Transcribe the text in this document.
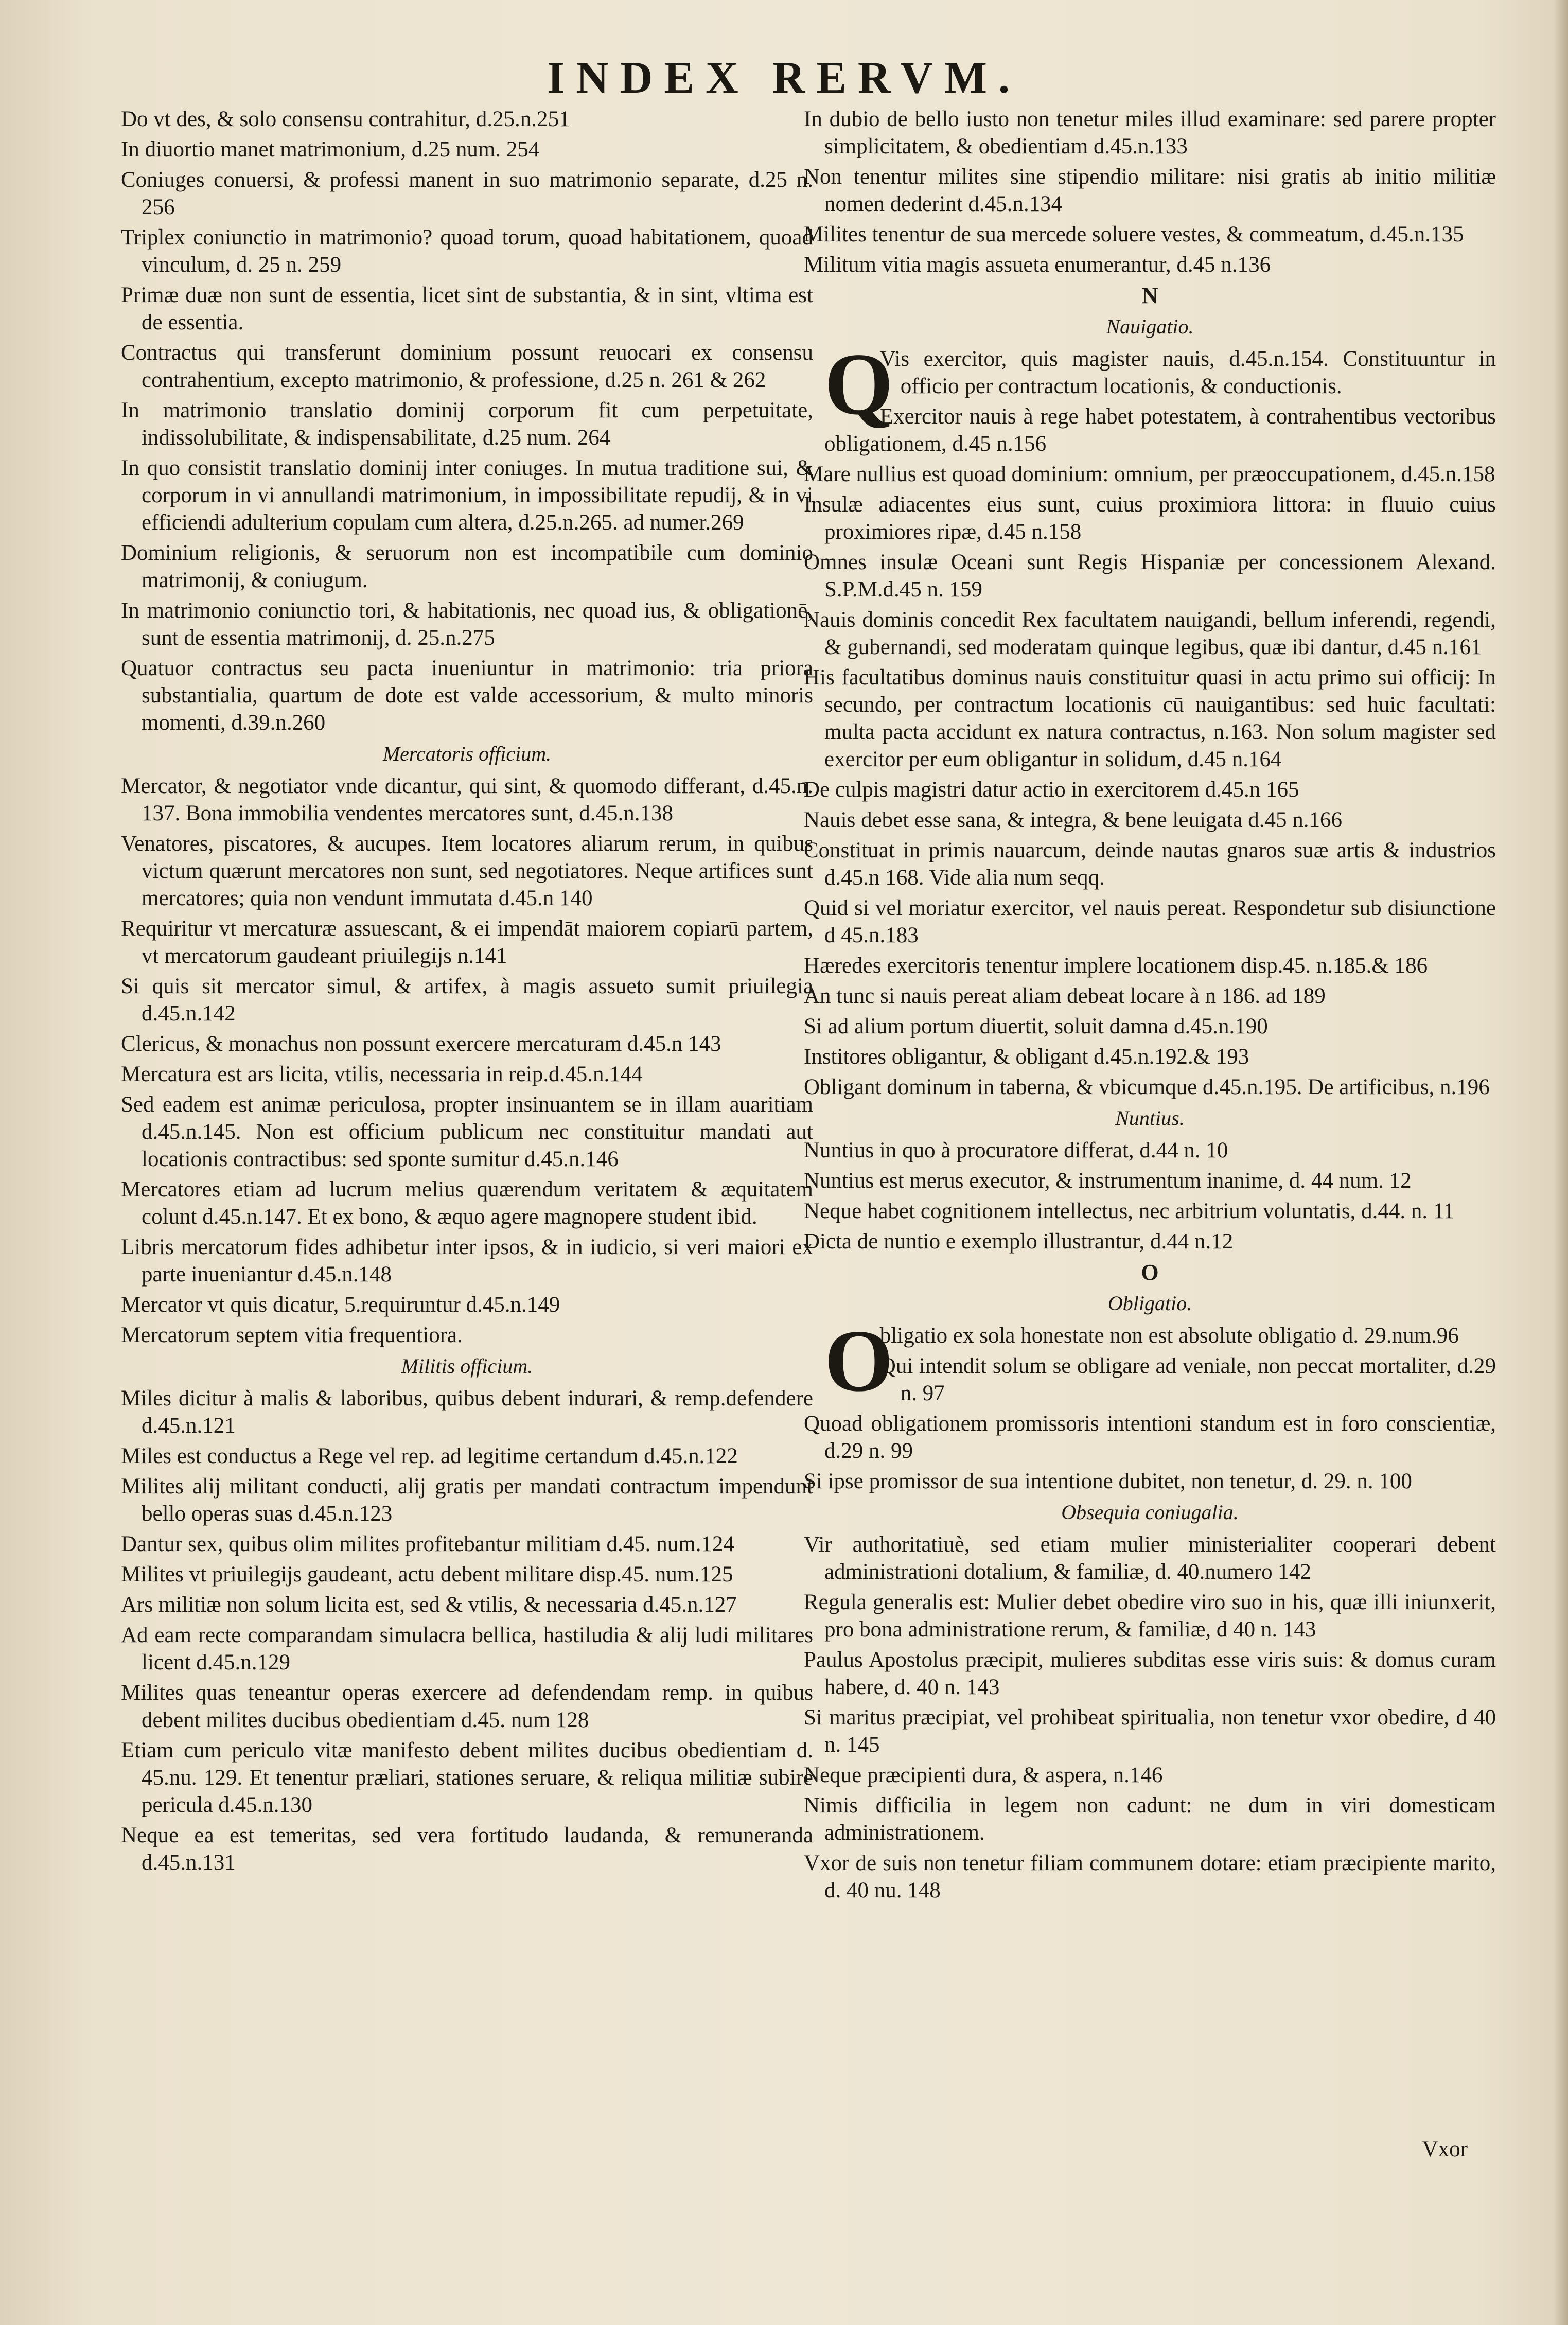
INDEX RERVM.
Do vt des, & solo consensu contrahitur, d.25.n.251
In diuortio manet matrimonium, d.25 num. 254
Coniuges conuersi, & professi manent in suo matrimonio separate, d.25 n. 256
Triplex coniunctio in matrimonio? quoad torum, quoad habitationem, quoad vinculum, d. 25 n. 259
Primæ duæ non sunt de essentia, licet sint de substantia, & in sint, vltima est de essentia.
Contractus qui transferunt dominium possunt reuocari ex consensu contrahentium, excepto matrimonio, & professione, d.25 n. 261 & 262
In matrimonio translatio dominij corporum fit cum perpetuitate, indissolubilitate, & indispensabilitate, d.25 num. 264
In quo consistit translatio dominij inter coniuges. In mutua traditione sui, & corporum in vi annullandi matrimonium, in impossibilitate repudij, & in vi efficiendi adulterium copulam cum altera, d.25.n.265. ad numer.269
Dominium religionis, & seruorum non est incompatibile cum dominio matrimonij, & coniugum.
In matrimonio coniunctio tori, & habitationis, nec quoad ius, & obligationē, sunt de essentia matrimonij, d. 25.n.275
Quatuor contractus seu pacta inueniuntur in matrimonio: tria priora substantialia, quartum de dote est valde accessorium, & multo minoris momenti, d.39.n.260
Mercatoris officium.
Mercator, & negotiator vnde dicantur, qui sint, & quomodo differant, d.45.n. 137. Bona immobilia vendentes mercatores sunt, d.45.n.138
Venatores, piscatores, & aucupes. Item locatores aliarum rerum, in quibus victum quærunt mercatores non sunt, sed negotiatores. Neque artifices sunt mercatores; quia non vendunt immutata d.45.n 140
Requiritur vt mercaturæ assuescant, & ei impendāt maiorem copiarū partem, vt mercatorum gaudeant priuilegijs n.141
Si quis sit mercator simul, & artifex, à magis assueto sumit priuilegia d.45.n.142
Clericus, & monachus non possunt exercere mercaturam d.45.n 143
Mercatura est ars licita, vtilis, necessaria in reip.d.45.n.144
Sed eadem est animæ periculosa, propter insinuantem se in illam auaritiam d.45.n.145. Non est officium publicum nec constituitur mandati aut locationis contractibus: sed sponte sumitur d.45.n.146
Mercatores etiam ad lucrum melius quærendum veritatem & æquitatem colunt d.45.n.147. Et ex bono, & æquo agere magnopere student ibid.
Libris mercatorum fides adhibetur inter ipsos, & in iudicio, si veri maiori ex parte inueniantur d.45.n.148
Mercator vt quis dicatur, 5.requiruntur d.45.n.149
Mercatorum septem vitia frequentiora.
Militis officium.
Miles dicitur à malis & laboribus, quibus debent indurari, & remp.defendere d.45.n.121
Miles est conductus a Rege vel rep. ad legitime certandum d.45.n.122
Milites alij militant conducti, alij gratis per mandati contractum impendunt bello operas suas d.45.n.123
Dantur sex, quibus olim milites profitebantur militiam d.45. num.124
Milites vt priuilegijs gaudeant, actu debent militare disp.45. num.125
Ars militiæ non solum licita est, sed & vtilis, & necessaria d.45.n.127
Ad eam recte comparandam simulacra bellica, hastiludia & alij ludi militares licent d.45.n.129
Milites quas teneantur operas exercere ad defendendam remp. in quibus debent milites ducibus obedientiam d.45. num 128
Etiam cum periculo vitæ manifesto debent milites ducibus obedientiam d. 45.nu. 129. Et tenentur præliari, stationes seruare, & reliqua militiæ subire pericula d.45.n.130
Neque ea est temeritas, sed vera fortitudo laudanda, & remuneranda d.45.n.131
In dubio de bello iusto non tenetur miles illud examinare: sed parere propter simplicitatem, & obedientiam d.45.n.133
Non tenentur milites sine stipendio militare: nisi gratis ab initio militiæ nomen dederint d.45.n.134
Milites tenentur de sua mercede soluere vestes, & commeatum, d.45.n.135
Militum vitia magis assueta enumerantur, d.45 n.136
N
Nauigatio.
QVis exercitor, quis magister nauis, d.45.n.154. Constituuntur in officio per contractum locationis, & conductionis.
Exercitor nauis à rege habet potestatem, à contrahentibus vectoribus obligationem, d.45 n.156
Mare nullius est quoad dominium: omnium, per præoccupationem, d.45.n.158
Insulæ adiacentes eius sunt, cuius proximiora littora: in fluuio cuius proximiores ripæ, d.45 n.158
Omnes insulæ Oceani sunt Regis Hispaniæ per concessionem Alexand. S.P.M.d.45 n. 159
Nauis dominis concedit Rex facultatem nauigandi, bellum inferendi, regendi, & gubernandi, sed moderatam quinque legibus, quæ ibi dantur, d.45 n.161
His facultatibus dominus nauis constituitur quasi in actu primo sui officij: In secundo, per contractum locationis cū nauigantibus: sed huic facultati: multa pacta accidunt ex natura contractus, n.163. Non solum magister sed exercitor per eum obligantur in solidum, d.45 n.164
De culpis magistri datur actio in exercitorem d.45.n 165
Nauis debet esse sana, & integra, & bene leuigata d.45 n.166
Constituat in primis nauarcum, deinde nautas gnaros suæ artis & industrios d.45.n 168. Vide alia num seqq.
Quid si vel moriatur exercitor, vel nauis pereat. Respondetur sub disiunctione d 45.n.183
Hæredes exercitoris tenentur implere locationem disp.45. n.185.& 186
An tunc si nauis pereat aliam debeat locare à n 186. ad 189
Si ad alium portum diuertit, soluit damna d.45.n.190
Institores obligantur, & obligant d.45.n.192.& 193
Obligant dominum in taberna, & vbicumque d.45.n.195. De artificibus, n.196
Nuntius.
Nuntius in quo à procuratore differat, d.44 n. 10
Nuntius est merus executor, & instrumentum inanime, d. 44 num. 12
Neque habet cognitionem intellectus, nec arbitrium voluntatis, d.44. n. 11
Dicta de nuntio e exemplo illustrantur, d.44 n.12
O
Obligatio.
Obligatio ex sola honestate non est absolute obligatio d. 29.num.96
Qui intendit solum se obligare ad veniale, non peccat mortaliter, d.29 n. 97
Quoad obligationem promissoris intentioni standum est in foro conscientiæ, d.29 n. 99
Si ipse promissor de sua intentione dubitet, non tenetur, d. 29. n. 100
Obsequia coniugalia.
Vir authoritatiuè, sed etiam mulier ministerialiter cooperari debent administrationi dotalium, & familiæ, d. 40.numero 142
Regula generalis est: Mulier debet obedire viro suo in his, quæ illi iniunxerit, pro bona administratione rerum, & familiæ, d 40 n. 143
Paulus Apostolus præcipit, mulieres subditas esse viris suis: & domus curam habere, d. 40 n. 143
Si maritus præcipiat, vel prohibeat spiritualia, non tenetur vxor obedire, d 40 n. 145
Neque præcipienti dura, & aspera, n.146
Nimis difficilia in legem non cadunt: ne dum in viri domesticam administrationem.
Vxor de suis non tenetur filiam communem dotare: etiam præcipiente marito, d. 40 nu. 148
Vxor
